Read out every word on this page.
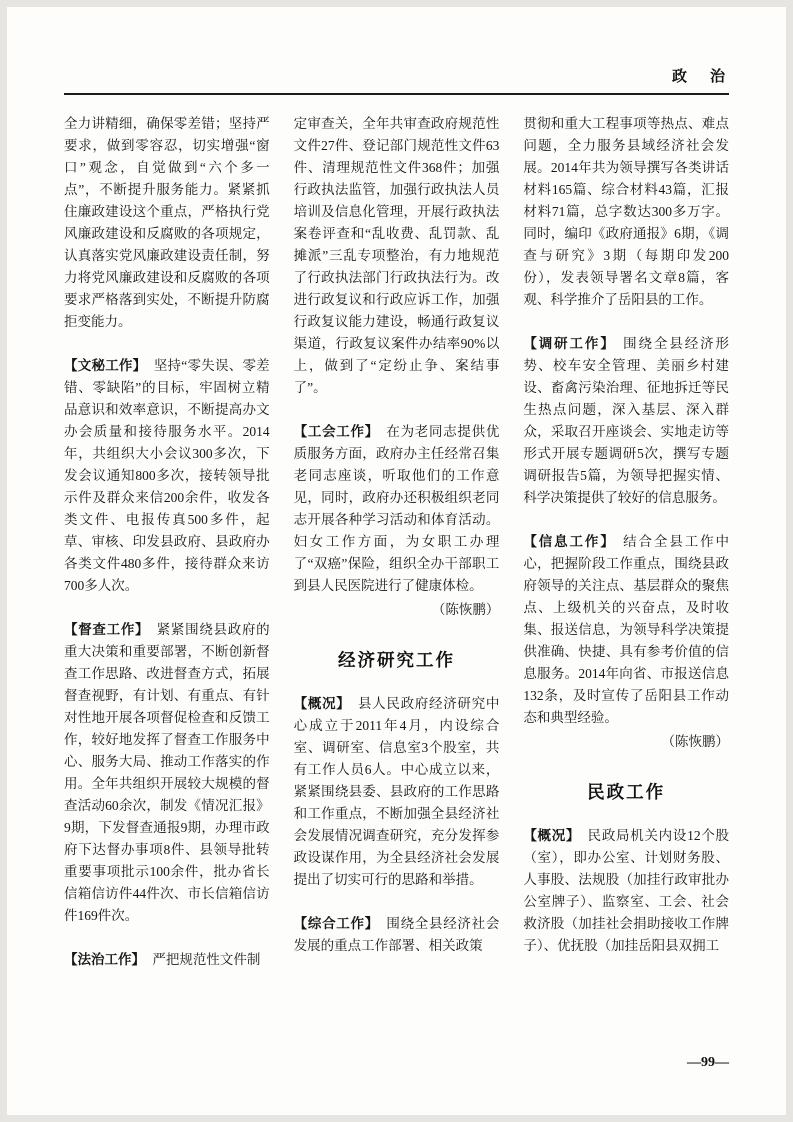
政　治

全力讲精细，确保零差错；坚持严要求，做到零容忍，切实增强“窗口”观念，自觉做到“六个多一点”，不断提升服务能力。紧紧抓住廉政建设这个重点，严格执行党风廉政建设和反腐败的各项规定，认真落实党风廉政建设责任制，努力将党风廉政建设和反腐败的各项要求严格落到实处，不断提升防腐拒变能力。

【文秘工作】 坚持“零失误、零差错、零缺陷”的目标，牢固树立精品意识和效率意识，不断提高办文办会质量和接待服务水平。2014年，共组织大小会议300多次，下发会议通知800多次，接转领导批示件及群众来信200余件，收发各类文件、电报传真500多件，起草、审核、印发县政府、县政府办各类文件480多件，接待群众来访700多人次。

【督查工作】 紧紧围绕县政府的重大决策和重要部署，不断创新督查工作思路、改进督查方式，拓展督查视野，有计划、有重点、有针对性地开展各项督促检查和反馈工作，较好地发挥了督查工作服务中心、服务大局、推动工作落实的作用。全年共组织开展较大规模的督查活动60余次，制发《情况汇报》9期，下发督查通报9期，办理市政府下达督办事项8件、县领导批转重要事项批示100余件，批办省长信箱信访件44件次、市长信箱信访件169件次。

【法治工作】 严把规范性文件制

定审查关，全年共审查政府规范性文件27件、登记部门规范性文件63件、清理规范性文件368件；加强行政执法监管，加强行政执法人员培训及信息化管理，开展行政执法案卷评查和“乱收费、乱罚款、乱摊派”三乱专项整治，有力地规范了行政执法部门行政执法行为。改进行政复议和行政应诉工作，加强行政复议能力建设，畅通行政复议渠道，行政复议案件办结率90%以上，做到了“定纷止争、案结事了”。

【工会工作】 在为老同志提供优质服务方面，政府办主任经常召集老同志座谈，听取他们的工作意见，同时，政府办还积极组织老同志开展各种学习活动和体育活动。妇女工作方面，为女职工办理了“双癌”保险，组织全办干部职工到县人民医院进行了健康体检。

（陈恢鹏）

经济研究工作

【概况】 县人民政府经济研究中心成立于2011年4月，内设综合室、调研室、信息室3个股室，共有工作人员6人。中心成立以来，紧紧围绕县委、县政府的工作思路和工作重点，不断加强全县经济社会发展情况调查研究，充分发挥参政设谋作用，为全县经济社会发展提出了切实可行的思路和举措。

【综合工作】 围绕全县经济社会发展的重点工作部署、相关政策

贯彻和重大工程事项等热点、难点问题，全力服务县域经济社会发展。2014年共为领导撰写各类讲话材料165篇、综合材料43篇，汇报材料71篇，总字数达300多万字。同时，编印《政府通报》6期，《调查与研究》3期（每期印发200份），发表领导署名文章8篇，客观、科学推介了岳阳县的工作。

【调研工作】 围绕全县经济形势、校车安全管理、美丽乡村建设、畜禽污染治理、征地拆迁等民生热点问题，深入基层、深入群众，采取召开座谈会、实地走访等形式开展专题调研5次，撰写专题调研报告5篇，为领导把握实情、科学决策提供了较好的信息服务。

【信息工作】 结合全县工作中心，把握阶段工作重点，围绕县政府领导的关注点、基层群众的聚焦点、上级机关的兴奋点，及时收集、报送信息，为领导科学决策提供准确、快捷、具有参考价值的信息服务。2014年向省、市报送信息132条，及时宣传了岳阳县工作动态和典型经验。

（陈恢鹏）

民政工作

【概况】 民政局机关内设12个股（室），即办公室、计划财务股、人事股、法规股（加挂行政审批办公室牌子）、监察室、工会、社会救济股（加挂社会捐助接收工作牌子）、优抚股（加挂岳阳县双拥工

—99—
